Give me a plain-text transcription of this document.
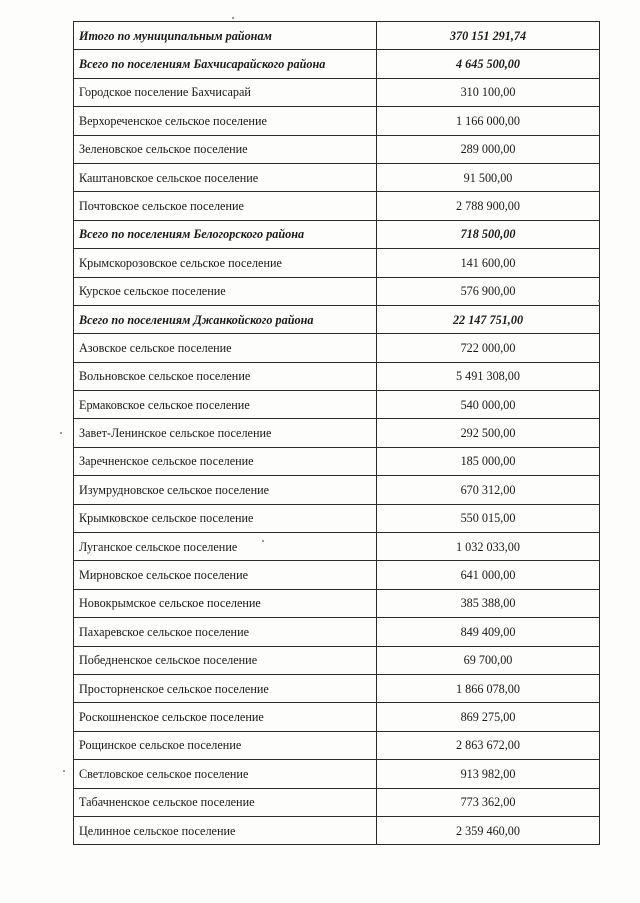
Итого по муниципальным районам	370 151 291,74
Всего по поселениям Бахчисарайского района	4 645 500,00
Городское поселение Бахчисарай	310 100,00
Верхореченское сельское поселение	1 166 000,00
Зеленовское сельское поселение	289 000,00
Каштановское сельское поселение	91 500,00
Почтовское сельское поселение	2 788 900,00
Всего по поселениям Белогорского района	718 500,00
Крымскорозовское сельское поселение	141 600,00
Курское сельское поселение	576 900,00
Всего по поселениям Джанкойского района	22 147 751,00
Азовское сельское поселение	722 000,00
Вольновское сельское поселение	5 491 308,00
Ермаковское сельское поселение	540 000,00
Завет-Ленинское сельское поселение	292 500,00
Заречненское сельское поселение	185 000,00
Изумрудновское сельское поселение	670 312,00
Крымковское сельское поселение	550 015,00
Луганское сельское поселение	1 032 033,00
Мирновское сельское поселение	641 000,00
Новокрымское сельское поселение	385 388,00
Пахаревское сельское поселение	849 409,00
Победненское сельское поселение	69 700,00
Просторненское сельское поселение	1 866 078,00
Роскошненское сельское поселение	869 275,00
Рощинское сельское поселение	2 863 672,00
Светловское сельское поселение	913 982,00
Табачненское сельское поселение	773 362,00
Целинное сельское поселение	2 359 460,00
